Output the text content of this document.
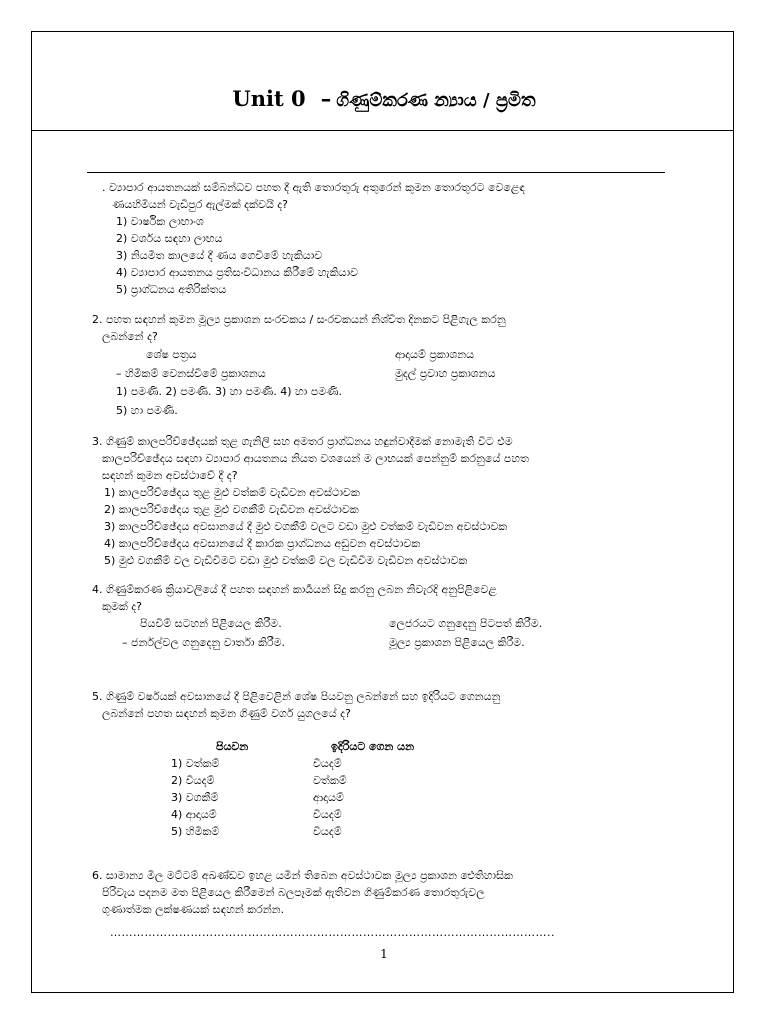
Unit 0 – ගිණුම්කරණ න්‍යාය / ප්‍රමිත
. ව්‍යාපාර ආයතනයක් සම්බන්ධව පහත දී ඇති තොරතුරු අතුරෙන් කුමන තොරතුරට වෙළෙඳ
ණයහිමියන් වැඩිපුර ඇල්මක් දක්වයි ද?
1) වාර්ෂික ලාභාංශ
2) වර්ශය සඳහා ලාභය
3) නියමිත කාලයේ දී ණය ගෙවීමේ හැකියාව
4) ව්‍යාපාර ආයතනය ප්‍රතිසංවිධානය කිරීමේ හැකියාව
5) ප්‍රාග්ධනය අතිරික්තය
2. පහත සඳහන් කුමන මූල්‍ය ප්‍රකාශන සංරචකය / සංරචකයන් නිශ්චිත දිනකට පිළිගැල කරනු
ලබන්නේ ද?
ශේෂ පත්‍රය
– හිමිකම් වෙනස්වීමේ ප්‍රකාශනය
ආදායම් ප්‍රකාශනය
මුදල් ප්‍රවාහ ප්‍රකාශනය
1) පමණි. 2) පමණි. 3) හා පමණි. 4) හා පමණි.
5) හා පමණි.
3. ගිණුම් කාලපරිච්ඡේදයක් තුළ ගැනිලි සහ අමතර ප්‍රාග්ධනය හඳුන්වාදීමක් නොමැති විට එම
කාලපරිච්ඡේදය සඳහා ව්‍යාපාර ආයතනය නියත වශයෙන් ම ලාභයක් පෙන්නුම් කරනුයේ පහත
සඳහන් කුමන අවස්ථාවේ දී ද?
1) කාලපරිච්ඡේදය තුළ මුළු වත්කම් වැඩිවන අවස්ථාවක
2) කාලපරිච්ඡේදය තුළ මුළු වගකීම් වැඩිවන අවස්ථාවක
3) කාලපරිච්ඡේදය අවසානයේ දී මුළු වගකීම් වලට වඩා මුළු වත්කම් වැඩිවන අවස්ථාවක
4) කාලපරිච්ඡේදය අවසානයේ දී කාරක ප්‍රාග්ධනය අඩුවන අවස්ථාවක
5) මුළු වගකීම් වල වැඩිවීමට වඩා මුළු වත්කම් වල වැඩිවීම වැඩිවන අවස්ථාවක
4. ගිණුම්කරණ ක්‍රියාවලියේ දී පහත සඳහන් කාර්‍යයන් සිදු කරනු ලබන නිවැරදි අනුපිළිවෙළ
කුමක් ද?
පියවීම් සටහන් පිළියෙල කිරීම.
– ජර්නල්වල ගනුදෙනු වාර්තා කිරීම.
ලෙජරයට ගනුදෙනු පිටපත් කිරීම.
මූල්‍ය ප්‍රකාශන පිළියෙල කිරීම.
5. ගිණුම් වර්ෂයක් අවසානයේ දී පිළිවෙළින් ශේෂ පියවනු ලබන්නේ සහ ඉදිරියට ගෙනයනු
ලබන්නේ පහත සඳහන් කුමන ගිණුම් වර්ග යුගලයේ ද?
පියවන	ඉදිරියට ගෙන යන
1) වත්කම්
2) වියදම්
3) වගකීම්
4) ආදායම්
5) හිමිකම්
වියදම්
වත්කම්
ආදායම්
වියදම්
වියදම්
6. සාමාන්‍ය මිල මට්ටම් අඛණ්ඩව ඉහළ යමින් තිබෙන අවස්ථාවක මූල්‍ය ප්‍රකාශන ඓතිහාසික
පිරිවැය පදනම මත පිළියෙල කිරීමෙන් බලපෑමක් ඇතිවන ගිණුම්කරණ තොරතුරුවල
ගුණාත්මක ලක්ෂණයක් සඳහන් කරන්න.
……………………………………………………………………………………………………..
1
